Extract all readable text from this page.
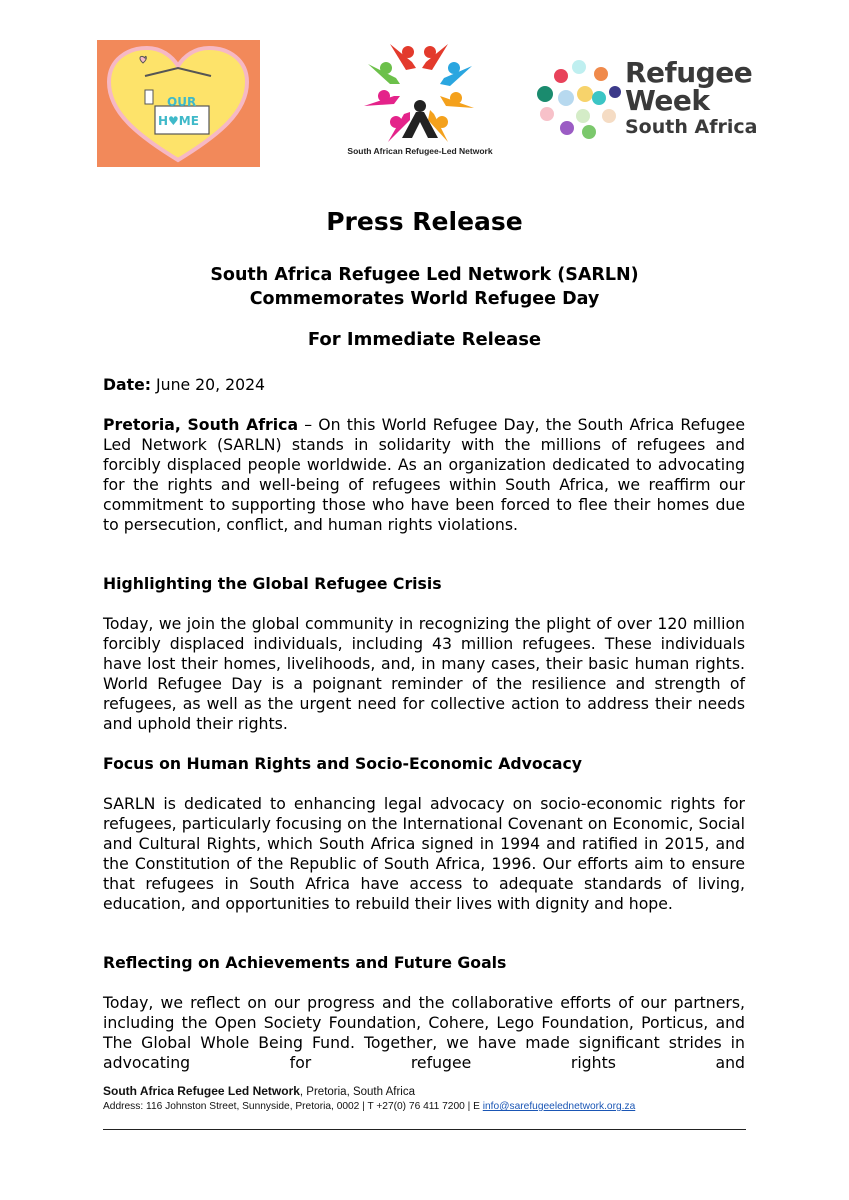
OUR
H♥ME
South African Refugee-Led Network
Refugee
Week
South Africa
Press Release
South Africa Refugee Led Network (SARLN)
Commemorates World Refugee Day
For Immediate Release
Date: June 20, 2024
Pretoria, South Africa – On this World Refugee Day, the South Africa Refugee Led Network (SARLN) stands in solidarity with the millions of refugees and forcibly displaced people worldwide. As an organization dedicated to advocating for the rights and well-being of refugees within South Africa, we reaffirm our commitment to supporting those who have been forced to flee their homes due to persecution, conflict, and human rights violations.
Highlighting the Global Refugee Crisis
Today, we join the global community in recognizing the plight of over 120 million forcibly displaced individuals, including 43 million refugees. These individuals have lost their homes, livelihoods, and, in many cases, their basic human rights. World Refugee Day is a poignant reminder of the resilience and strength of refugees, as well as the urgent need for collective action to address their needs and uphold their rights.
Focus on Human Rights and Socio-Economic Advocacy
SARLN is dedicated to enhancing legal advocacy on socio-economic rights for refugees, particularly focusing on the International Covenant on Economic, Social and Cultural Rights, which South Africa signed in 1994 and ratified in 2015, and the Constitution of the Republic of South Africa, 1996. Our efforts aim to ensure that refugees in South Africa have access to adequate standards of living, education, and opportunities to rebuild their lives with dignity and hope.
Reflecting on Achievements and Future Goals
Today, we reflect on our progress and the collaborative efforts of our partners, including the Open Society Foundation, Cohere, Lego Foundation, Porticus, and The Global Whole Being Fund. Together, we have made significant strides in advocating for refugee rights and
South Africa Refugee Led Network, Pretoria, South Africa
Address: 116 Johnston Street, Sunnyside, Pretoria, 0002 | T +27(0) 76 411 7200 | E info@sarefugeelednetwork.org.za
